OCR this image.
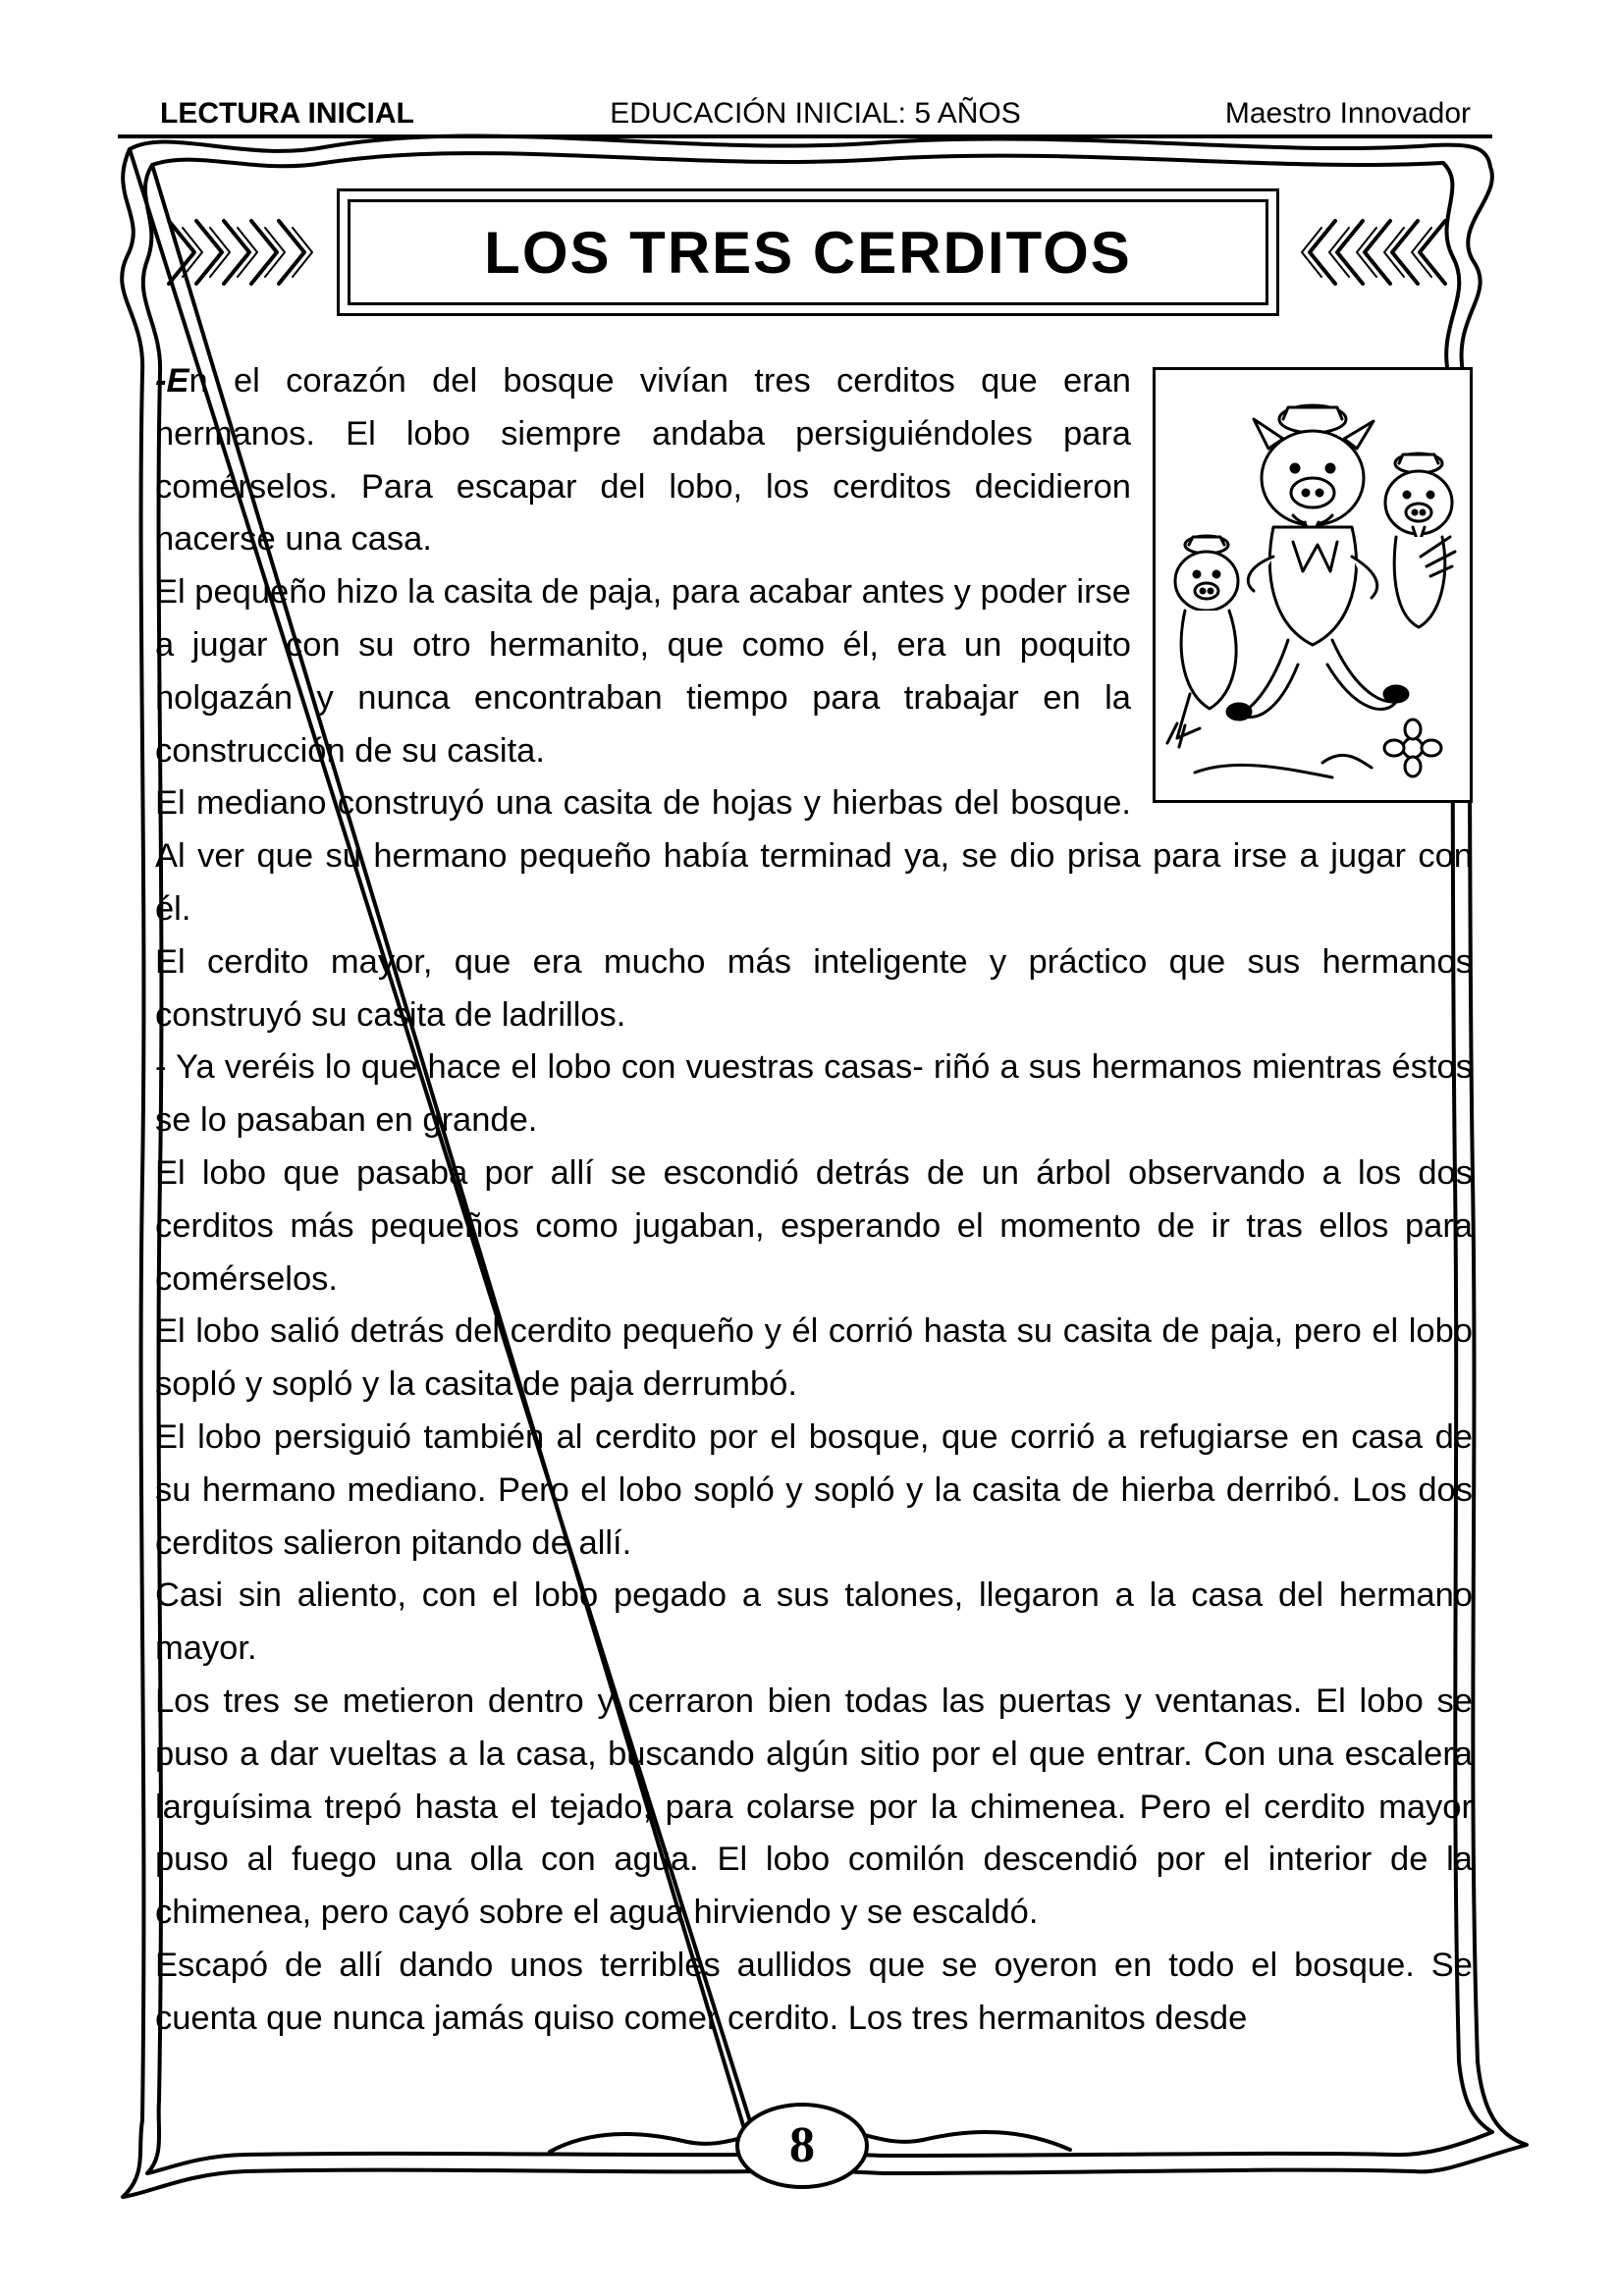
EDUCACIÓN INICIAL: 5 AÑOS
LECTURA INICIAL	Maestro Innovador
LOS TRES CERDITOS

-En el corazón del bosque vivían tres cerditos que eran hermanos. El lobo siempre andaba persiguiéndoles para comérselos. Para escapar del lobo, los cerditos decidieron hacerse una casa.

El pequeño hizo la casita de paja, para acabar antes y poder irse a jugar con su otro hermanito, que como él, era un poquito holgazán y nunca encontraban tiempo para trabajar en la construcción de su casita.

El mediano construyó una casita de hojas y hierbas del bosque. Al ver que su hermano pequeño había terminad ya, se dio prisa para irse a jugar con él.

El cerdito mayor, que era mucho más inteligente y práctico que sus hermanos construyó su casita de ladrillos.

- Ya veréis lo que hace el lobo con vuestras casas- riñó a sus hermanos mientras éstos se lo pasaban en grande.

El lobo que pasaba por allí se escondió detrás de un árbol observando a los dos cerditos más pequeños como jugaban, esperando el momento de ir tras ellos para comérselos.

El lobo salió detrás del cerdito pequeño y él corrió hasta su casita de paja, pero el lobo sopló y sopló y la casita de paja derrumbó.

El lobo persiguió también al cerdito por el bosque, que corrió a refugiarse en casa de su hermano mediano. Pero el lobo sopló y sopló y la casita de hierba derribó. Los dos cerditos salieron pitando de allí.

Casi sin aliento, con el lobo pegado a sus talones, llegaron a la casa del hermano mayor.

Los tres se metieron dentro y cerraron bien todas las puertas y ventanas. El lobo se puso a dar vueltas a la casa, buscando algún sitio por el que entrar. Con una escalera larguísima trepó hasta el tejado, para colarse por la chimenea. Pero el cerdito mayor puso al fuego una olla con agua. El lobo comilón descendió por el interior de la chimenea, pero cayó sobre el agua hirviendo y se escaldó.

Escapó de allí dando unos terribles aullidos que se oyeron en todo el bosque. Se cuenta que nunca jamás quiso comer cerdito. Los tres hermanitos desde

8
